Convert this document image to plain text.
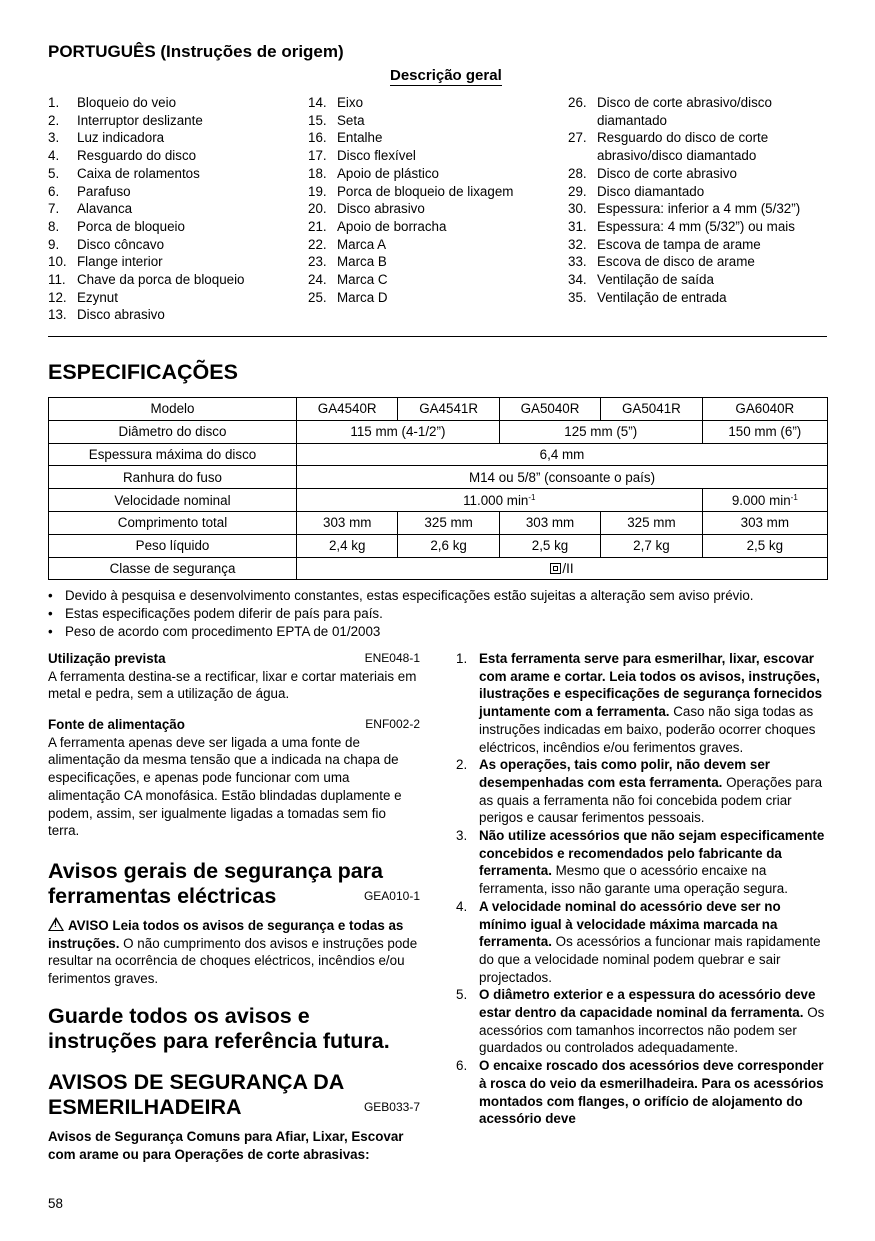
PORTUGUÊS (Instruções de origem)
Descrição geral
1.	Bloqueio do veio
2.	Interruptor deslizante
3.	Luz indicadora
4.	Resguardo do disco
5.	Caixa de rolamentos
6.	Parafuso
7.	Alavanca
8.	Porca de bloqueio
9.	Disco côncavo
10. Flange interior
11. Chave da porca de bloqueio
12. Ezynut
13. Disco abrasivo
14. Eixo
15. Seta
16. Entalhe
17. Disco flexível
18. Apoio de plástico
19. Porca de bloqueio de lixagem
20. Disco abrasivo
21. Apoio de borracha
22. Marca A
23. Marca B
24. Marca C
25. Marca D
26. Disco de corte abrasivo/disco
diamantado
27. Resguardo do disco de corte
abrasivo/disco diamantado
28. Disco de corte abrasivo
29. Disco diamantado
30. Espessura: inferior a 4 mm (5/32”)
31. Espessura: 4 mm (5/32”) ou mais
32. Escova de tampa de arame
33. Escova de disco de arame
34. Ventilação de saída
35. Ventilação de entrada
ESPECIFICAÇÕES
Modelo	GA4540R	GA4541R	GA5040R	GA5041R	GA6040R
Diâmetro do disco	115 mm (4-1/2”)		125 mm (5”)		150 mm (6”)
Espessura máxima do disco	6,4 mm				
Ranhura do fuso	M14 ou 5/8” (consoante o país)				
Velocidade nominal	11.000 $\min^{-1}$				9.000 $\min^{-1}$
Comprimento total	303 mm	325 mm	303 mm	325 mm	303 mm
Peso líquido	2,4 kg	2,6 kg	2,5 kg	2,7 kg	2,5 kg
Classe de segurança	/II				
• Devido à pesquisa e desenvolvimento constantes, estas especificações estão sujeitas a alteração sem aviso prévio.
• Estas especificações podem diferir de país para país.
• Peso de acordo com procedimento EPTA de 01/2003
Utilização prevista	ENE048-1
A ferramenta destina-se a rectificar, lixar e cortar materiais em metal e pedra, sem a utilização de água.
Fonte de alimentação	ENF002-2
A ferramenta apenas deve ser ligada a uma fonte de alimentação da mesma tensão que a indicada na chapa de especificações, e apenas pode funcionar com uma alimentação CA monofásica. Estão blindadas duplamente e podem, assim, ser igualmente ligadas a tomadas sem fio terra.
Avisos gerais de segurança para
ferramentas eléctricas	GEA010-1
!AVISO Leia todos os avisos de segurança e todas as instruções. O não cumprimento dos avisos e instruções pode resultar na ocorrência de choques eléctricos, incêndios e/ou ferimentos graves.
Guarde todos os avisos e
instruções para referência futura.
AVISOS DE SEGURANÇA DA
ESMERILHADEIRA	GEB033-7
Avisos de Segurança Comuns para Afiar, Lixar, Escovar com arame ou para Operações de corte abrasivas:
1. Esta ferramenta serve para esmerilhar, lixar, escovar com arame e cortar. Leia todos os avisos, instruções, ilustrações e especificações de segurança fornecidos juntamente com a ferramenta. Caso não siga todas as instruções indicadas em baixo, poderão ocorrer choques eléctricos, incêndios e/ou ferimentos graves.
2. As operações, tais como polir, não devem ser desempenhadas com esta ferramenta. Operações para as quais a ferramenta não foi concebida podem criar perigos e causar ferimentos pessoais.
3. Não utilize acessórios que não sejam especificamente concebidos e recomendados pelo fabricante da ferramenta. Mesmo que o acessório encaixe na ferramenta, isso não garante uma operação segura.
4. A velocidade nominal do acessório deve ser no mínimo igual à velocidade máxima marcada na ferramenta. Os acessórios a funcionar mais rapidamente do que a velocidade nominal podem quebrar e sair projectados.
5. O diâmetro exterior e a espessura do acessório deve estar dentro da capacidade nominal da ferramenta. Os acessórios com tamanhos incorrectos não podem ser guardados ou controlados adequadamente.
6. O encaixe roscado dos acessórios deve corresponder à rosca do veio da esmerilhadeira. Para os acessórios montados com flanges, o orifício de alojamento do acessório deve
58
